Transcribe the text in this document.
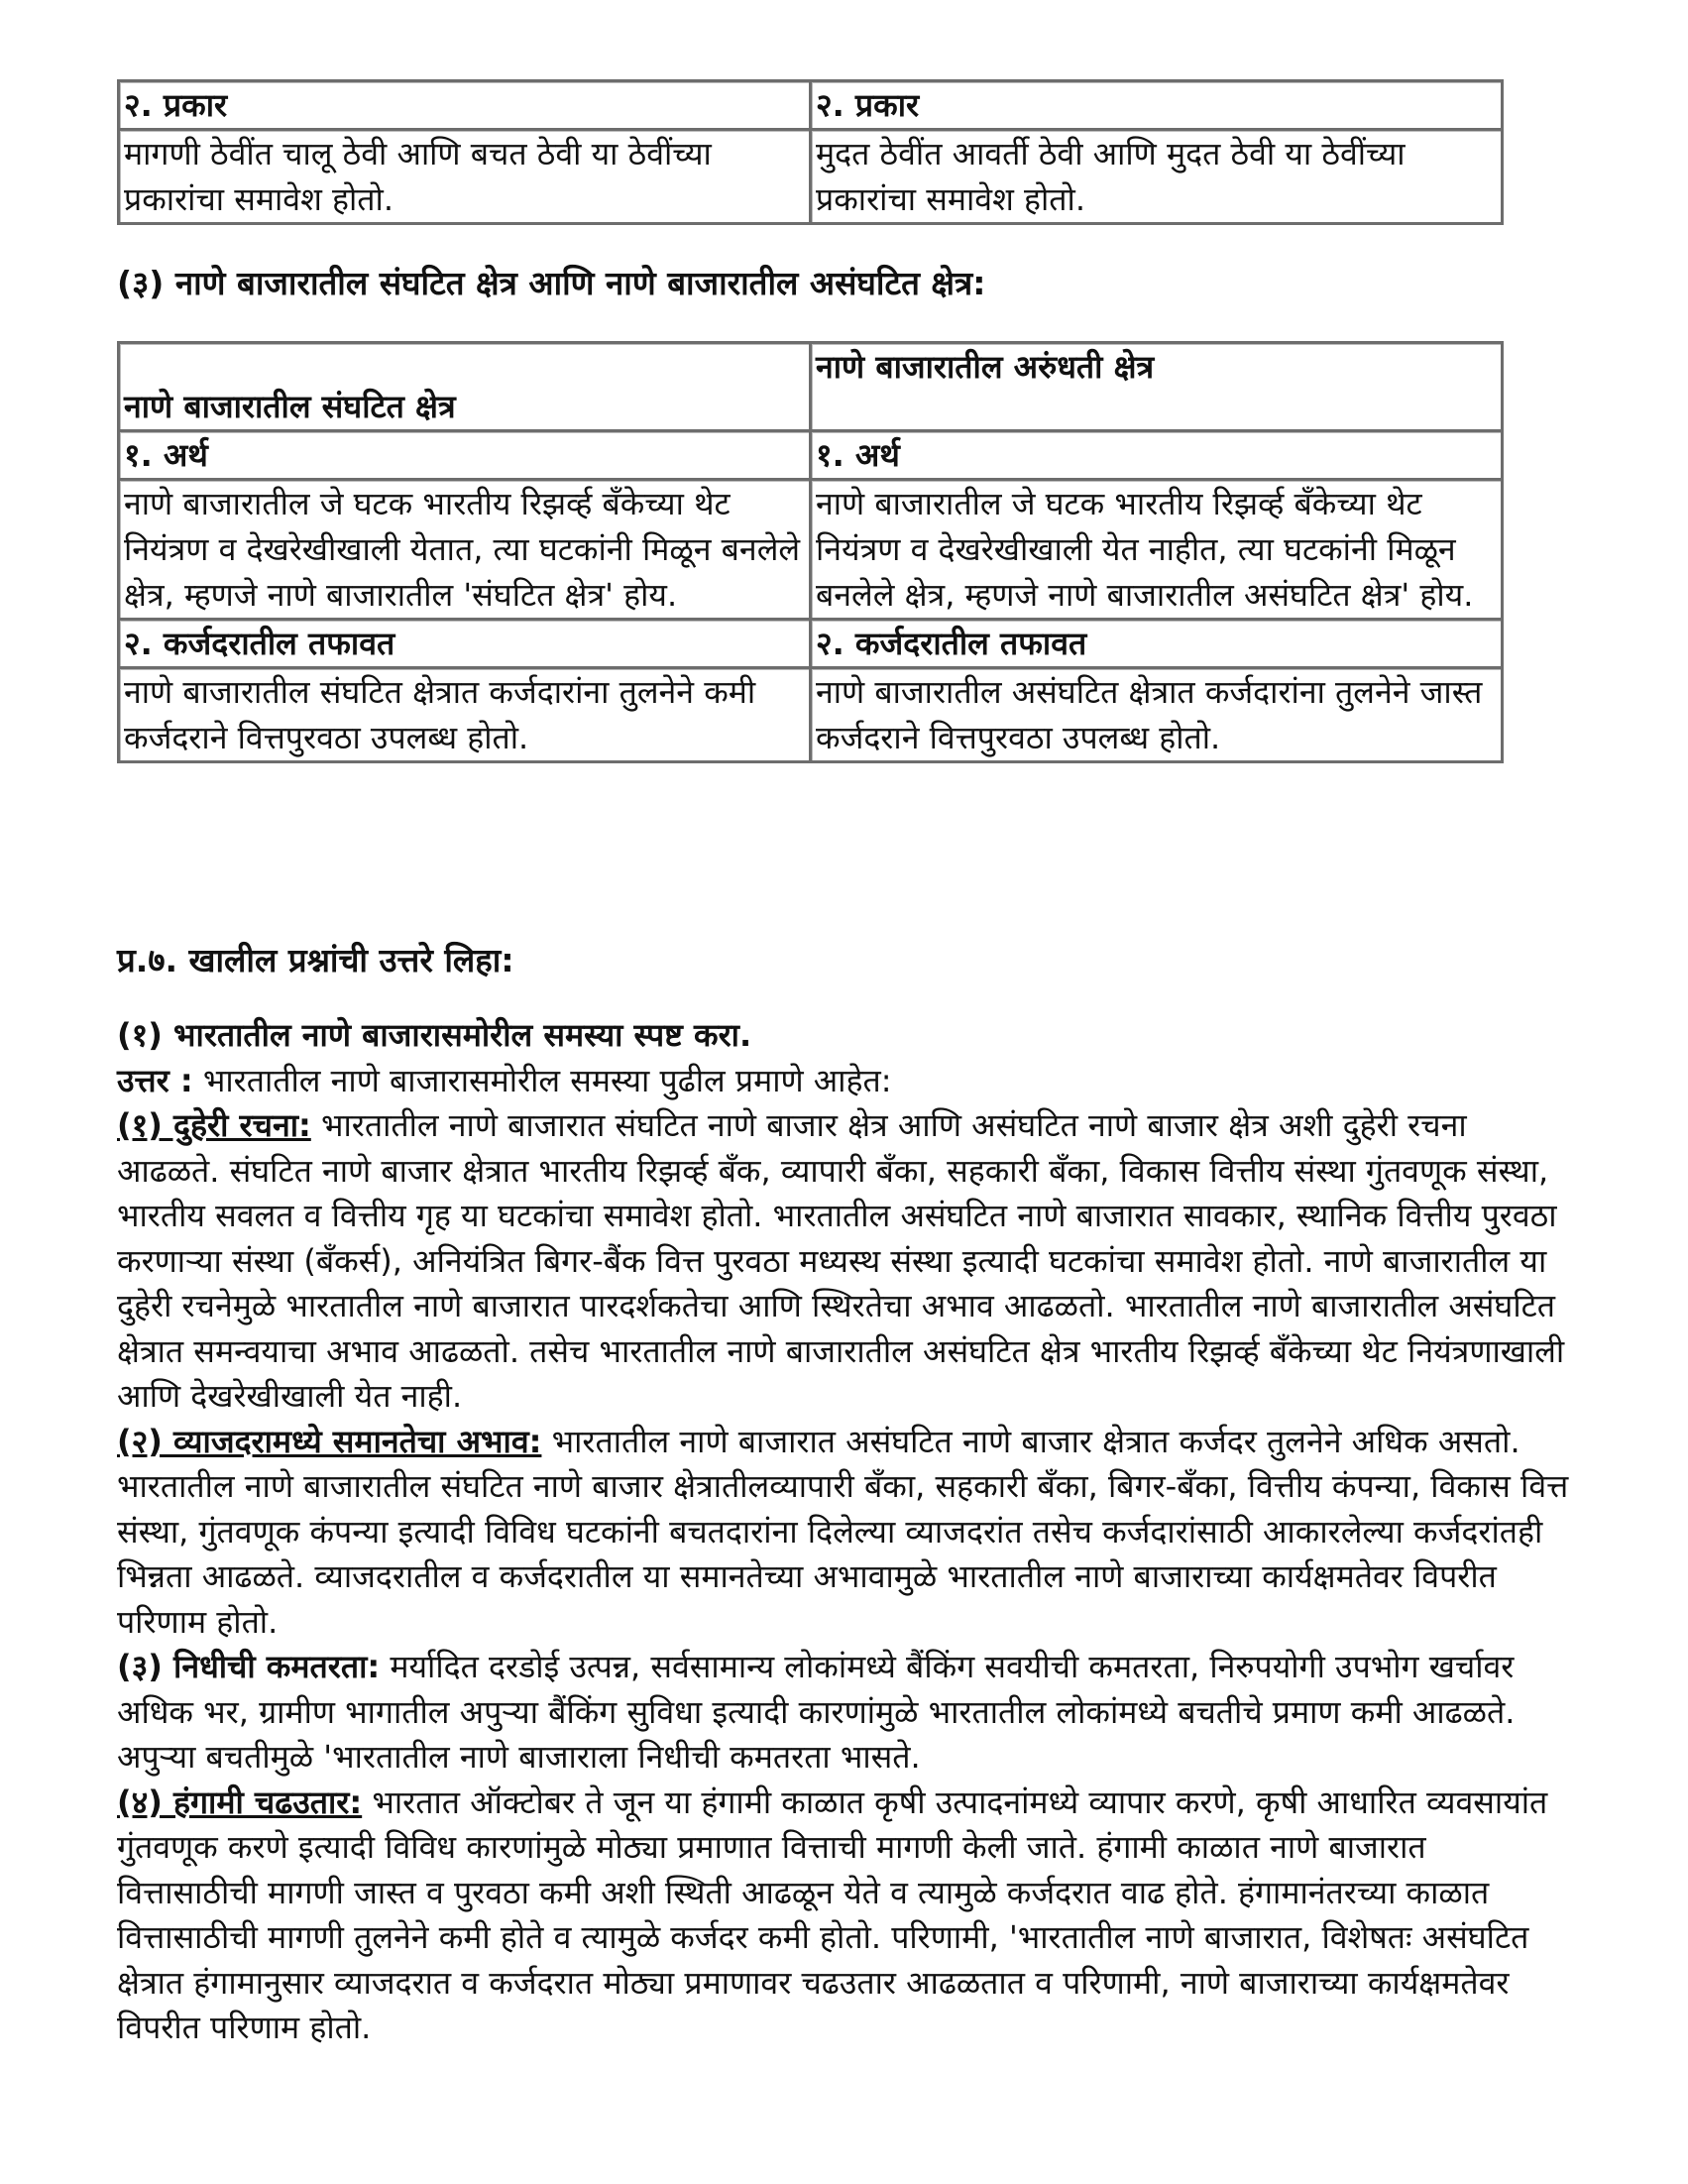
२. प्रकार	२. प्रकार
मागणी ठेवींत चालू ठेवी आणि बचत ठेवी या ठेवींच्या प्रकारांचा समावेश होतो.	मुदत ठेवींत आवर्ती ठेवी आणि मुदत ठेवी या ठेवींच्या प्रकारांचा समावेश होतो.
(३) नाणे बाजारातील संघटित क्षेत्र आणि नाणे बाजारातील असंघटित क्षेत्र:
नाणे बाजारातील संघटित क्षेत्र	नाणे बाजारातील अरुंधती क्षेत्र
१. अर्थ	१. अर्थ
नाणे बाजारातील जे घटक भारतीय रिझर्व्ह बँकेच्या थेट नियंत्रण व देखरेखीखाली येतात, त्या घटकांनी मिळून बनलेले क्षेत्र, म्हणजे नाणे बाजारातील 'संघटित क्षेत्र' होय.	नाणे बाजारातील जे घटक भारतीय रिझर्व्ह बँकेच्या थेट नियंत्रण व देखरेखीखाली येत नाहीत, त्या घटकांनी मिळून बनलेले क्षेत्र, म्हणजे नाणे बाजारातील असंघटित क्षेत्र' होय.
२. कर्जदरातील तफावत	२. कर्जदरातील तफावत
नाणे बाजारातील संघटित क्षेत्रात कर्जदारांना तुलनेने कमी कर्जदराने वित्तपुरवठा उपलब्ध होतो.	नाणे बाजारातील असंघटित क्षेत्रात कर्जदारांना तुलनेने जास्त कर्जदराने वित्तपुरवठा उपलब्ध होतो.
प्र.७. खालील प्रश्नांची उत्तरे लिहा:

(१) भारतातील नाणे बाजारासमोरील समस्या स्पष्ट करा.

उत्तर : भारतातील नाणे बाजारासमोरील समस्या पुढील प्रमाणे आहेत:

(१) दुहेरी रचना: भारतातील नाणे बाजारात संघटित नाणे बाजार क्षेत्र आणि असंघटित नाणे बाजार क्षेत्र अशी दुहेरी रचना आढळते. संघटित नाणे बाजार क्षेत्रात भारतीय रिझर्व्ह बँक, व्यापारी बँका, सहकारी बँका, विकास वित्तीय संस्था गुंतवणूक संस्था, भारतीय सवलत व वित्तीय गृह या घटकांचा समावेश होतो. भारतातील असंघटित नाणे बाजारात सावकार, स्थानिक वित्तीय पुरवठा करणाऱ्या संस्था (बँकर्स), अनियंत्रित बिगर-बैंक वित्त पुरवठा मध्यस्थ संस्था इत्यादी घटकांचा समावेश होतो. नाणे बाजारातील या दुहेरी रचनेमुळे भारतातील नाणे बाजारात पारदर्शकतेचा आणि स्थिरतेचा अभाव आढळतो. भारतातील नाणे बाजारातील असंघटित क्षेत्रात समन्वयाचा अभाव आढळतो. तसेच भारतातील नाणे बाजारातील असंघटित क्षेत्र भारतीय रिझर्व्ह बँकेच्या थेट नियंत्रणाखाली आणि देखरेखीखाली येत नाही.

(२) व्याजदरामध्ये समानतेचा अभाव: भारतातील नाणे बाजारात असंघटित नाणे बाजार क्षेत्रात कर्जदर तुलनेने अधिक असतो. भारतातील नाणे बाजारातील संघटित नाणे बाजार क्षेत्रातीलव्यापारी बँका, सहकारी बँका, बिगर-बँका, वित्तीय कंपन्या, विकास वित्त संस्था, गुंतवणूक कंपन्या इत्यादी विविध घटकांनी बचतदारांना दिलेल्या व्याजदरांत तसेच कर्जदारांसाठी आकारलेल्या कर्जदरांतही भिन्नता आढळते. व्याजदरातील व कर्जदरातील या समानतेच्या अभावामुळे भारतातील नाणे बाजाराच्या कार्यक्षमतेवर विपरीत परिणाम होतो.

(३) निधीची कमतरता: मर्यादित दरडोई उत्पन्न, सर्वसामान्य लोकांमध्ये बैंकिंग सवयीची कमतरता, निरुपयोगी उपभोग खर्चावर अधिक भर, ग्रामीण भागातील अपुऱ्या बैंकिंग सुविधा इत्यादी कारणांमुळे भारतातील लोकांमध्ये बचतीचे प्रमाण कमी आढळते. अपुऱ्या बचतीमुळे 'भारतातील नाणे बाजाराला निधीची कमतरता भासते.

(४) हंगामी चढउतार: भारतात ऑक्टोबर ते जून या हंगामी काळात कृषी उत्पादनांमध्ये व्यापार करणे, कृषी आधारित व्यवसायांत गुंतवणूक करणे इत्यादी विविध कारणांमुळे मोठ्या प्रमाणात वित्ताची मागणी केली जाते. हंगामी काळात नाणे बाजारात वित्तासाठीची मागणी जास्त व पुरवठा कमी अशी स्थिती आढळून येते व त्यामुळे कर्जदरात वाढ होते. हंगामानंतरच्या काळात वित्तासाठीची मागणी तुलनेने कमी होते व त्यामुळे कर्जदर कमी होतो. परिणामी, 'भारतातील नाणे बाजारात, विशेषतः असंघटित क्षेत्रात हंगामानुसार व्याजदरात व कर्जदरात मोठ्या प्रमाणावर चढउतार आढळतात व परिणामी, नाणे बाजाराच्या कार्यक्षमतेवर विपरीत परिणाम होतो.
